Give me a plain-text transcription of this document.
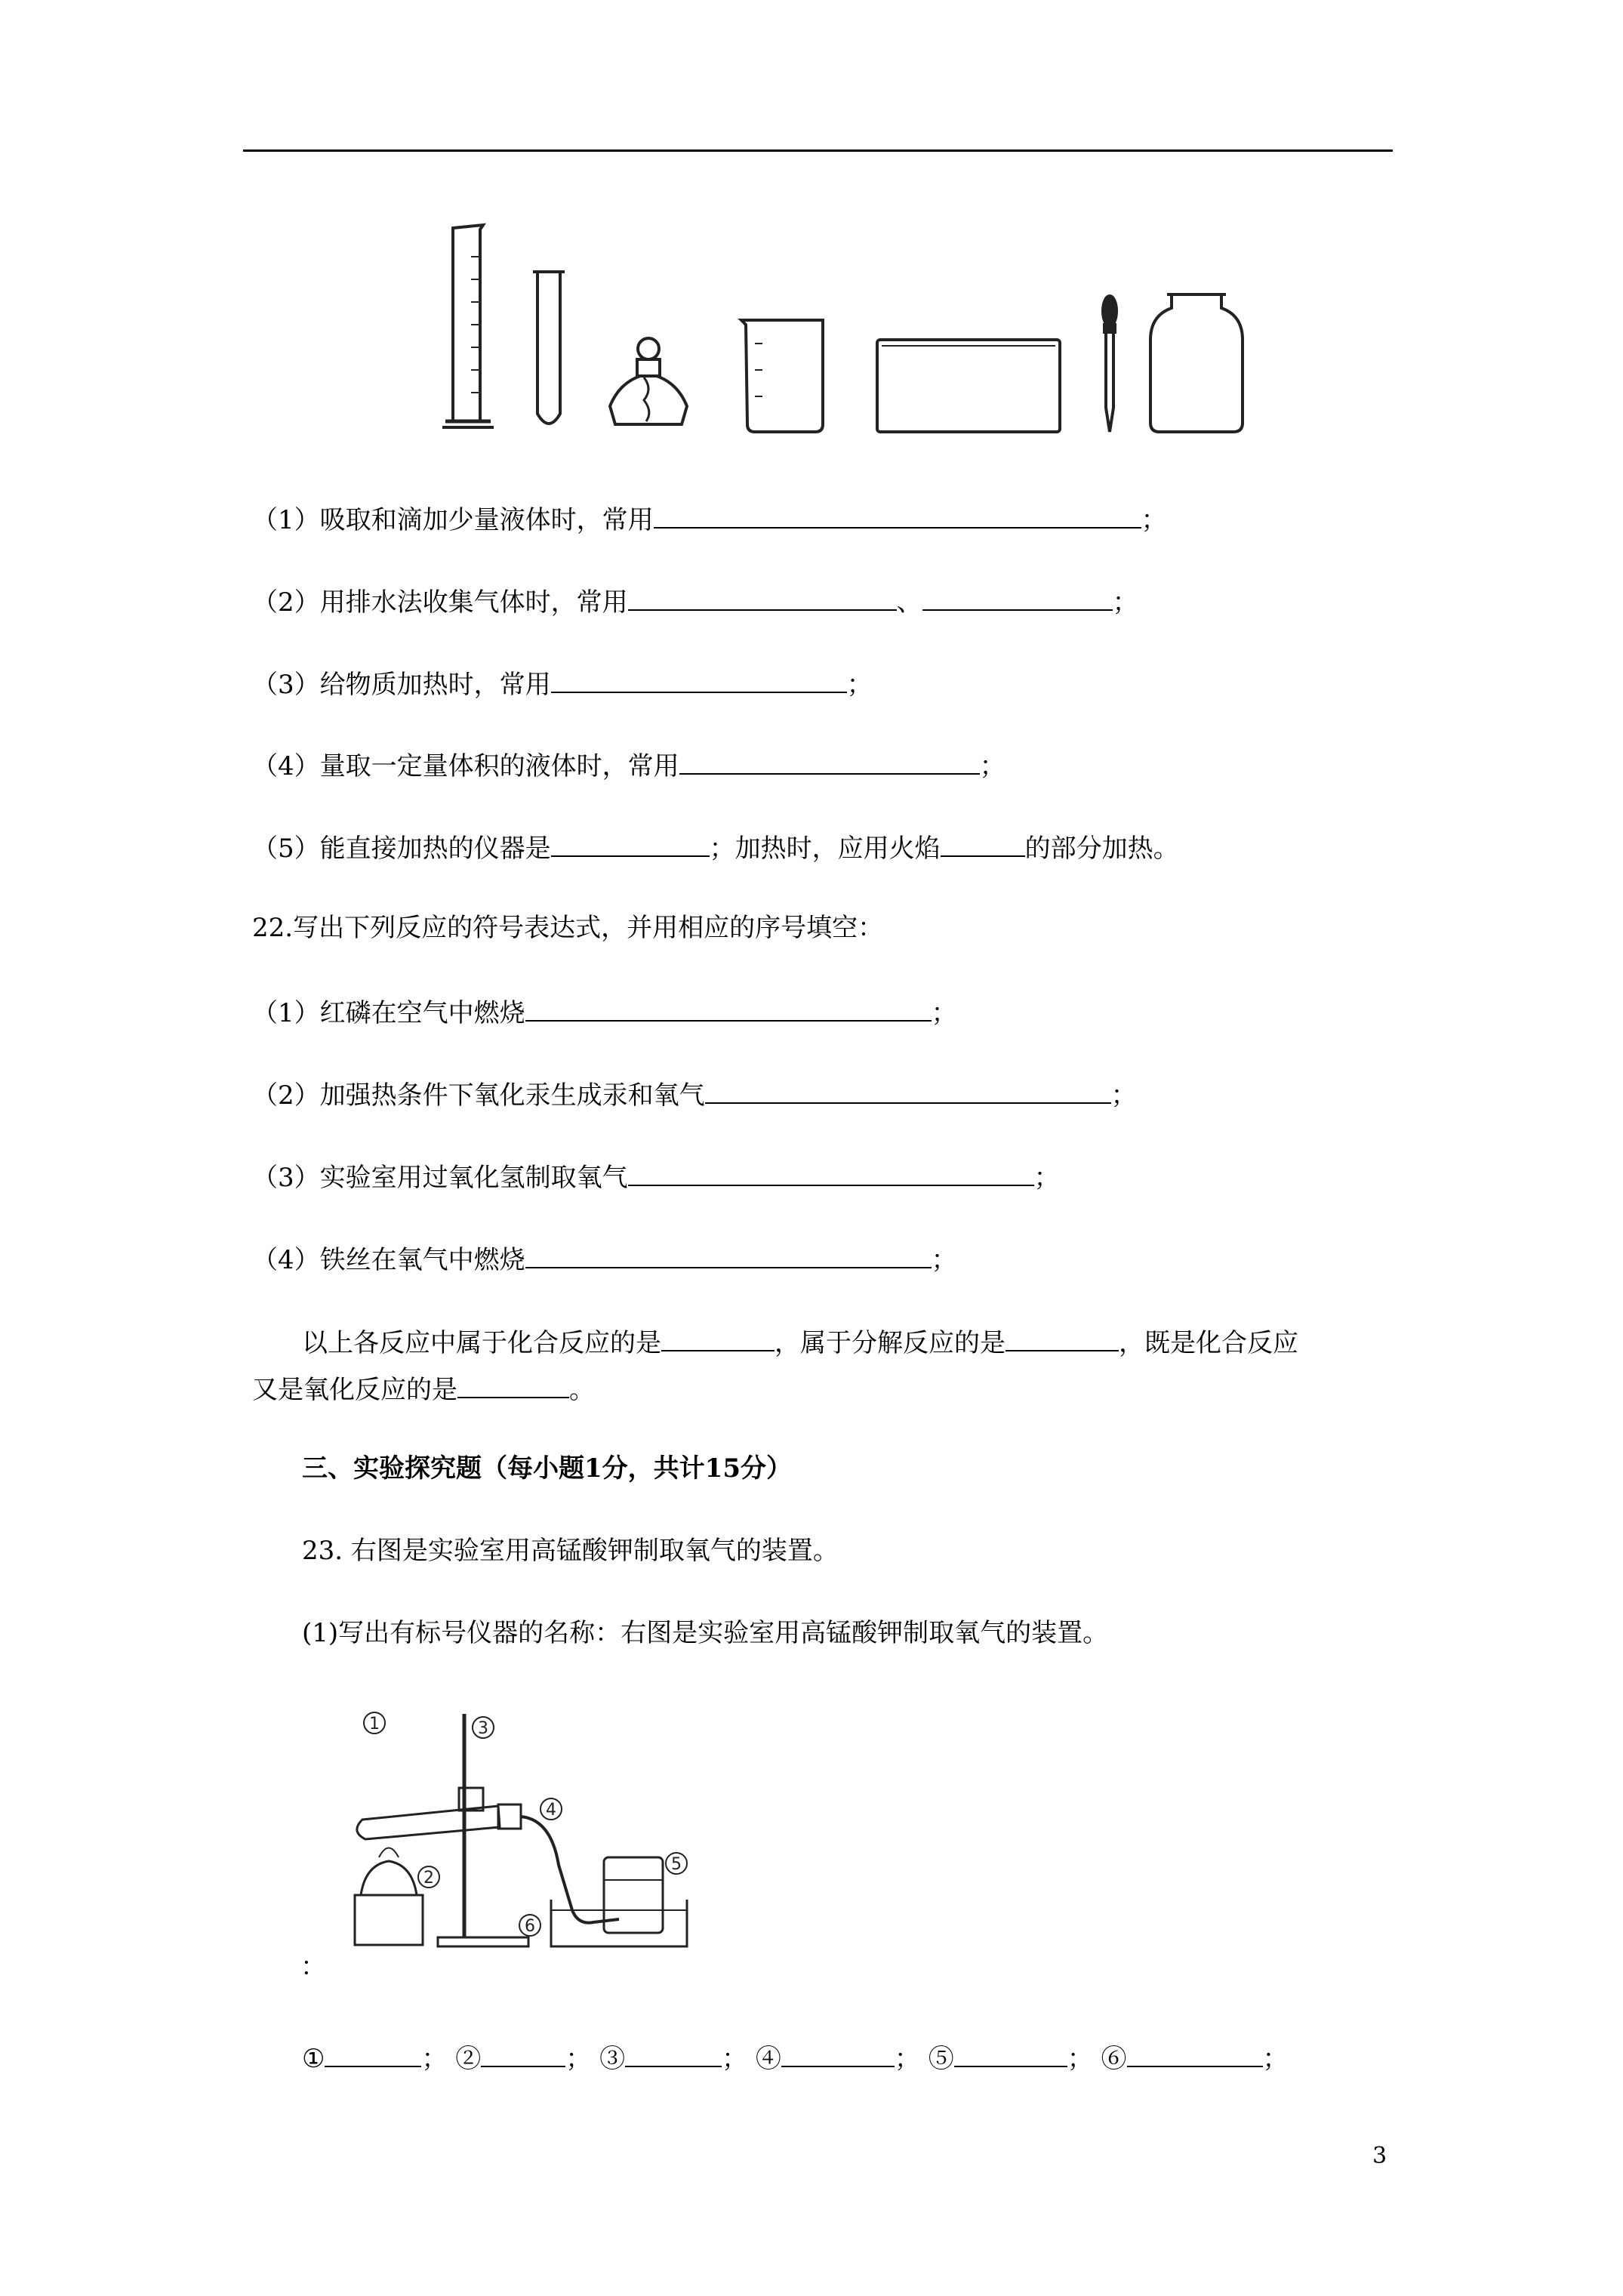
（1）吸取和滴加少量液体时，常用	；
（2）用排水法收集气体时，常用	、	；
（3）给物质加热时，常用	；
（4）量取一定量体积的液体时，常用	；
（5）能直接加热的仪器是	；加热时，应用火焰	的部分加热。
22.写出下列反应的符号表达式，并用相应的序号填空：
（1）红磷在空气中燃烧	；
（2）加强热条件下氧化汞生成汞和氧气	；
（3）实验室用过氧化氢制取氧气	；
（4）铁丝在氧气中燃烧	；
以上各反应中属于化合反应的是	，属于分解反应的是	，既是化合反应
又是氧化反应的是	。
三、实验探究题（每小题1分，共计15分）
23. 右图是实验室用高锰酸钾制取氧气的装置。
(1)写出有标号仪器的名称：右图是实验室用高锰酸钾制取氧气的装置。
1	3
2
4
5
6
：
①	； ②	； ③	； ④	； ⑤	； ⑥	；
3
